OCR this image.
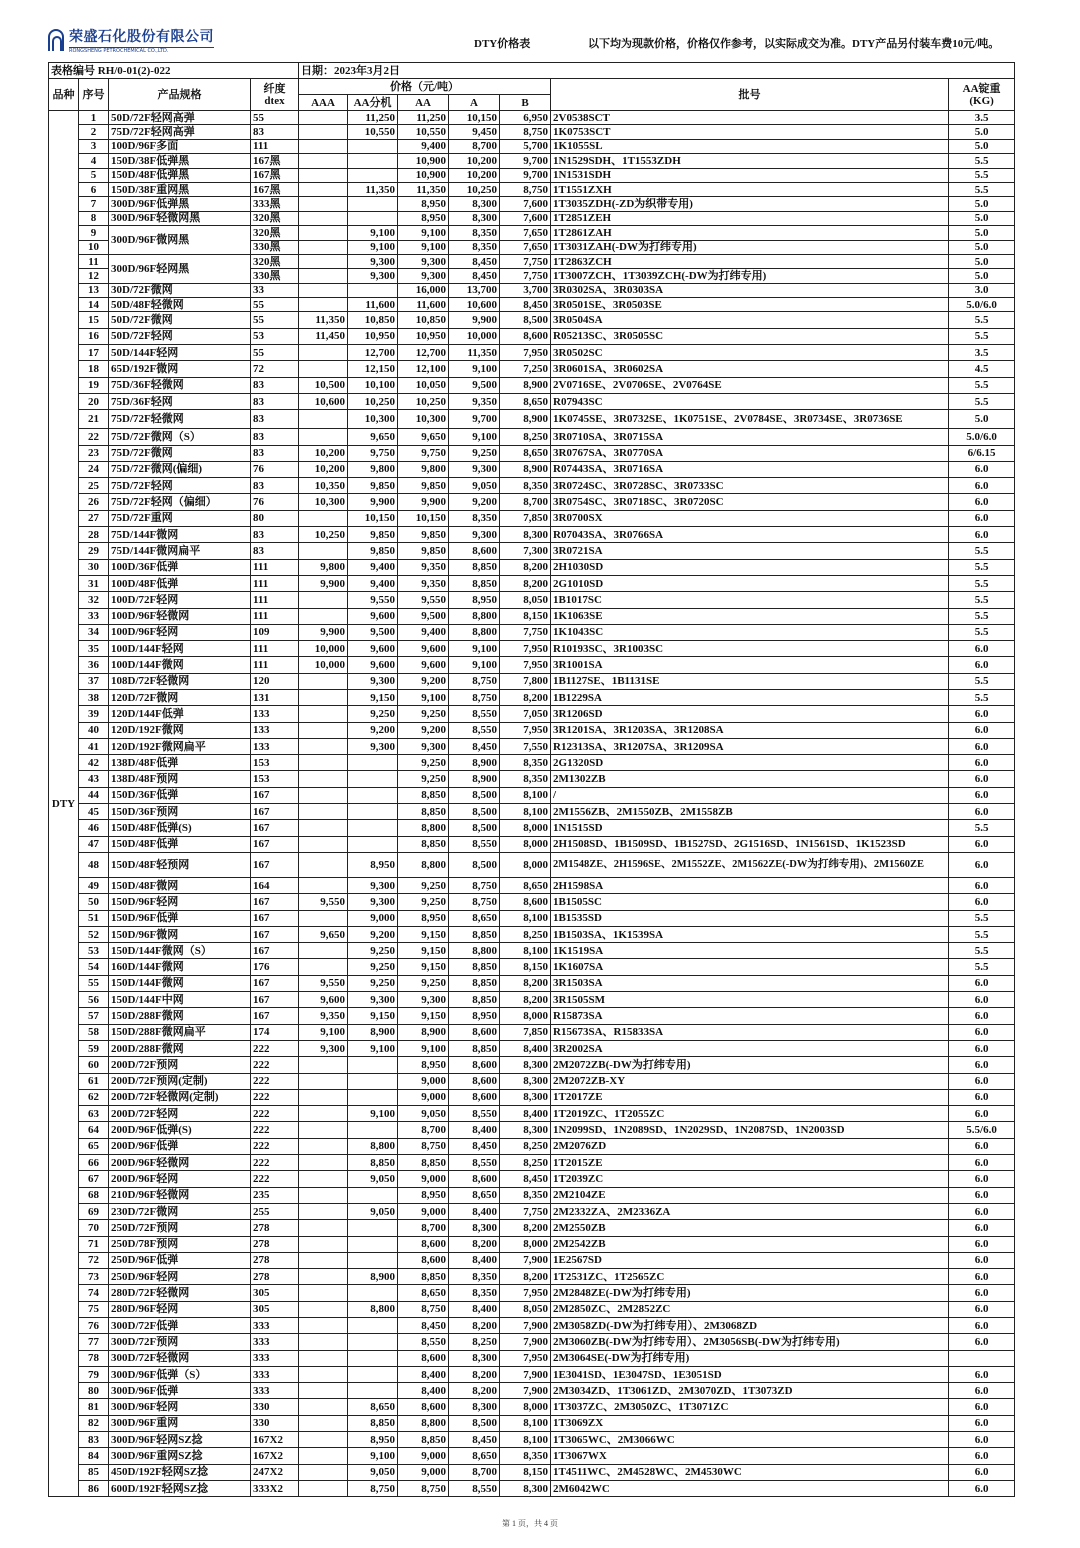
荣盛石化股份有限公司
RONGSHENG PETROCHEMICAL CO.,LTD.
DTY价格表	以下均为现款价格，价格仅作参考，以实际成交为准。DTY产品另付装车费10元/吨。
表格编号 RH/0-01(2)-022				日期：2023年3月2日						
品种	序号	产品规格	纤度
dtex	价格（元/吨）					批号	AA锭重
(KG)
				AAA	AA分机	AA	A	B		
DTY	1	50D/72F轻网高弹	55		11,250	11,250	10,150	6,950	2V0538SCT	3.5
	2	75D/72F轻网高弹	83		10,550	10,550	9,450	8,750	1K0753SCT	5.0
	3	100D/96F多面	111			9,400	8,700	5,700	1K1055SL	5.0
	4	150D/38F低弹黑	167黑			10,900	10,200	9,700	1N1529SDH、1T1553ZDH	5.5
	5	150D/48F低弹黑	167黑			10,900	10,200	9,700	1N1531SDH	5.5
	6	150D/38F重网黑	167黑		11,350	11,350	10,250	8,750	1T1551ZXH	5.5
	7	300D/96F低弹黑	333黑			8,950	8,300	7,600	1T3035ZDH(-ZD为织带专用)	5.0
	8	300D/96F轻微网黑	320黑			8,950	8,300	7,600	1T2851ZEH	5.0
	9	300D/96F微网黑	320黑		9,100	9,100	8,350	7,650	1T2861ZAH	5.0
	10		330黑		9,100	9,100	8,350	7,650	1T3031ZAH(-DW为打纬专用)	5.0
	11	300D/96F轻网黑	320黑		9,300	9,300	8,450	7,750	1T2863ZCH	5.0
	12		330黑		9,300	9,300	8,450	7,750	1T3007ZCH、1T3039ZCH(-DW为打纬专用)	5.0
	13	30D/72F微网	33			16,000	13,700	3,700	3R0302SA、3R0303SA	3.0
	14	50D/48F轻微网	55		11,600	11,600	10,600	8,450	3R0501SE、3R0503SE	5.0/6.0
	15	50D/72F微网	55	11,350	10,850	10,850	9,900	8,500	3R0504SA	5.5
	16	50D/72F轻网	53	11,450	10,950	10,950	10,000	8,600	R05213SC、3R0505SC	5.5
	17	50D/144F轻网	55		12,700	12,700	11,350	7,950	3R0502SC	3.5
	18	65D/192F微网	72		12,150	12,100	9,100	7,250	3R0601SA、3R0602SA	4.5
	19	75D/36F轻微网	83	10,500	10,100	10,050	9,500	8,900	2V0716SE、2V0706SE、2V0764SE	5.5
	20	75D/36F轻网	83	10,600	10,250	10,250	9,350	8,650	R07943SC	5.5
	21	75D/72F轻微网	83		10,300	10,300	9,700	8,900	1K0745SE、3R0732SE、1K0751SE、2V0784SE、3R0734SE、3R0736SE	5.0
	22	75D/72F微网（S）	83		9,650	9,650	9,100	8,250	3R0710SA、3R0715SA	5.0/6.0
	23	75D/72F微网	83	10,200	9,750	9,750	9,250	8,650	3R0767SA、3R0770SA	6/6.15
	24	75D/72F微网(偏细)	76	10,200	9,800	9,800	9,300	8,900	R07443SA、3R0716SA	6.0
	25	75D/72F轻网	83	10,350	9,850	9,850	9,050	8,350	3R0724SC、3R0728SC、3R0733SC	6.0
	26	75D/72F轻网（偏细）	76	10,300	9,900	9,900	9,200	8,700	3R0754SC、3R0718SC、3R0720SC	6.0
	27	75D/72F重网	80		10,150	10,150	8,350	7,850	3R0700SX	6.0
	28	75D/144F微网	83	10,250	9,850	9,850	9,300	8,300	R07043SA、3R0766SA	6.0
	29	75D/144F微网扁平	83		9,850	9,850	8,600	7,300	3R0721SA	5.5
	30	100D/36F低弹	111	9,800	9,400	9,350	8,850	8,200	2H1030SD	5.5
	31	100D/48F低弹	111	9,900	9,400	9,350	8,850	8,200	2G1010SD	5.5
	32	100D/72F轻网	111		9,550	9,550	8,950	8,050	1B1017SC	5.5
	33	100D/96F轻微网	111		9,600	9,500	8,800	8,150	1K1063SE	5.5
	34	100D/96F轻网	109	9,900	9,500	9,400	8,800	7,750	1K1043SC	5.5
	35	100D/144F轻网	111	10,000	9,600	9,600	9,100	7,950	R10193SC、3R1003SC	6.0
	36	100D/144F微网	111	10,000	9,600	9,600	9,100	7,950	3R1001SA	6.0
	37	108D/72F轻微网	120		9,300	9,200	8,750	7,800	1B1127SE、1B1131SE	5.5
	38	120D/72F微网	131		9,150	9,100	8,750	8,200	1B1229SA	5.5
	39	120D/144F低弹	133		9,250	9,250	8,550	7,050	3R1206SD	6.0
	40	120D/192F微网	133		9,200	9,200	8,550	7,950	3R1201SA、3R1203SA、3R1208SA	6.0
	41	120D/192F微网扁平	133		9,300	9,300	8,450	7,550	R12313SA、3R1207SA、3R1209SA	6.0
	42	138D/48F低弹	153			9,250	8,900	8,350	2G1320SD	6.0
	43	138D/48F预网	153			9,250	8,900	8,350	2M1302ZB	6.0
	44	150D/36F低弹	167			8,850	8,500	8,100	/	6.0
	45	150D/36F预网	167			8,850	8,500	8,100	2M1556ZB、2M1550ZB、2M1558ZB	6.0
	46	150D/48F低弹(S)	167			8,800	8,500	8,000	1N1515SD	5.5
	47	150D/48F低弹	167			8,850	8,550	8,000	2H1508SD、1B1509SD、1B1527SD、2G1516SD、1N1561SD、1K1523SD	6.0
	48	150D/48F轻预网	167		8,950	8,800	8,500	8,000	2M1548ZE、2H1596SE、2M1552ZE、2M1562ZE(-DW为打纬专用)、2M1560ZE	6.0
	49	150D/48F微网	164		9,300	9,250	8,750	8,650	2H1598SA	6.0
	50	150D/96F轻网	167	9,550	9,300	9,250	8,750	8,600	1B1505SC	6.0
	51	150D/96F低弹	167		9,000	8,950	8,650	8,100	1B1535SD	5.5
	52	150D/96F微网	167	9,650	9,200	9,150	8,850	8,250	1B1503SA、1K1539SA	5.5
	53	150D/144F微网（S）	167		9,250	9,150	8,800	8,100	1K1519SA	5.5
	54	160D/144F微网	176		9,250	9,150	8,850	8,150	1K1607SA	5.5
	55	150D/144F微网	167	9,550	9,250	9,250	8,850	8,200	3R1503SA	6.0
	56	150D/144F中网	167	9,600	9,300	9,300	8,850	8,200	3R1505SM	6.0
	57	150D/288F微网	167	9,350	9,150	9,150	8,950	8,000	R15873SA	6.0
	58	150D/288F微网扁平	174	9,100	8,900	8,900	8,600	7,850	R15673SA、R15833SA	6.0
	59	200D/288F微网	222	9,300	9,100	9,100	8,850	8,400	3R2002SA	6.0
	60	200D/72F预网	222			8,950	8,600	8,300	2M2072ZB(-DW为打纬专用)	6.0
	61	200D/72F预网(定制)	222			9,000	8,600	8,300	2M2072ZB-XY	6.0
	62	200D/72F轻微网(定制)	222			9,000	8,600	8,300	1T2017ZE	6.0
	63	200D/72F轻网	222		9,100	9,050	8,550	8,400	1T2019ZC、1T2055ZC	6.0
	64	200D/96F低弹(S)	222			8,700	8,400	8,300	1N2099SD、1N2089SD、1N2029SD、1N2087SD、1N2003SD	5.5/6.0
	65	200D/96F低弹	222		8,800	8,750	8,450	8,250	2M2076ZD	6.0
	66	200D/96F轻微网	222		8,850	8,850	8,550	8,250	1T2015ZE	6.0
	67	200D/96F轻网	222		9,050	9,000	8,600	8,450	1T2039ZC	6.0
	68	210D/96F轻微网	235			8,950	8,650	8,350	2M2104ZE	6.0
	69	230D/72F微网	255		9,050	9,000	8,400	7,750	2M2332ZA、2M2336ZA	6.0
	70	250D/72F预网	278			8,700	8,300	8,200	2M2550ZB	6.0
	71	250D/78F预网	278			8,600	8,200	8,000	2M2542ZB	6.0
	72	250D/96F低弹	278			8,600	8,400	7,900	1E2567SD	6.0
	73	250D/96F轻网	278		8,900	8,850	8,350	8,200	1T2531ZC、1T2565ZC	6.0
	74	280D/72F轻微网	305			8,650	8,350	7,950	2M2848ZE(-DW为打纬专用)	6.0
	75	280D/96F轻网	305		8,800	8,750	8,400	8,050	2M2850ZC、2M2852ZC	6.0
	76	300D/72F低弹	333			8,450	8,200	7,900	2M3058ZD(-DW为打纬专用）、2M3068ZD	6.0
	77	300D/72F预网	333			8,550	8,250	7,900	2M3060ZB(-DW为打纬专用）、2M3056SB(-DW为打纬专用)	6.0
	78	300D/72F轻微网	333			8,600	8,300	7,950	2M3064SE(-DW为打纬专用)	
	79	300D/96F低弹（S）	333			8,400	8,200	7,900	1E3041SD、1E3047SD、1E3051SD	6.0
	80	300D/96F低弹	333			8,400	8,200	7,900	2M3034ZD、1T3061ZD、2M3070ZD、1T3073ZD	6.0
	81	300D/96F轻网	330		8,650	8,600	8,300	8,000	1T3037ZC、2M3050ZC、1T3071ZC	6.0
	82	300D/96F重网	330		8,850	8,800	8,500	8,100	1T3069ZX	6.0
	83	300D/96F轻网SZ捻	167X2		8,950	8,850	8,450	8,100	1T3065WC、2M3066WC	6.0
	84	300D/96F重网SZ捻	167X2		9,100	9,000	8,650	8,350	1T3067WX	6.0
	85	450D/192F轻网SZ捻	247X2		9,050	9,000	8,700	8,150	1T4511WC、2M4528WC、2M4530WC	6.0
	86	600D/192F轻网SZ捻	333X2		8,750	8,750	8,550	8,300	2M6042WC	6.0
第 1 页，共 4 页
